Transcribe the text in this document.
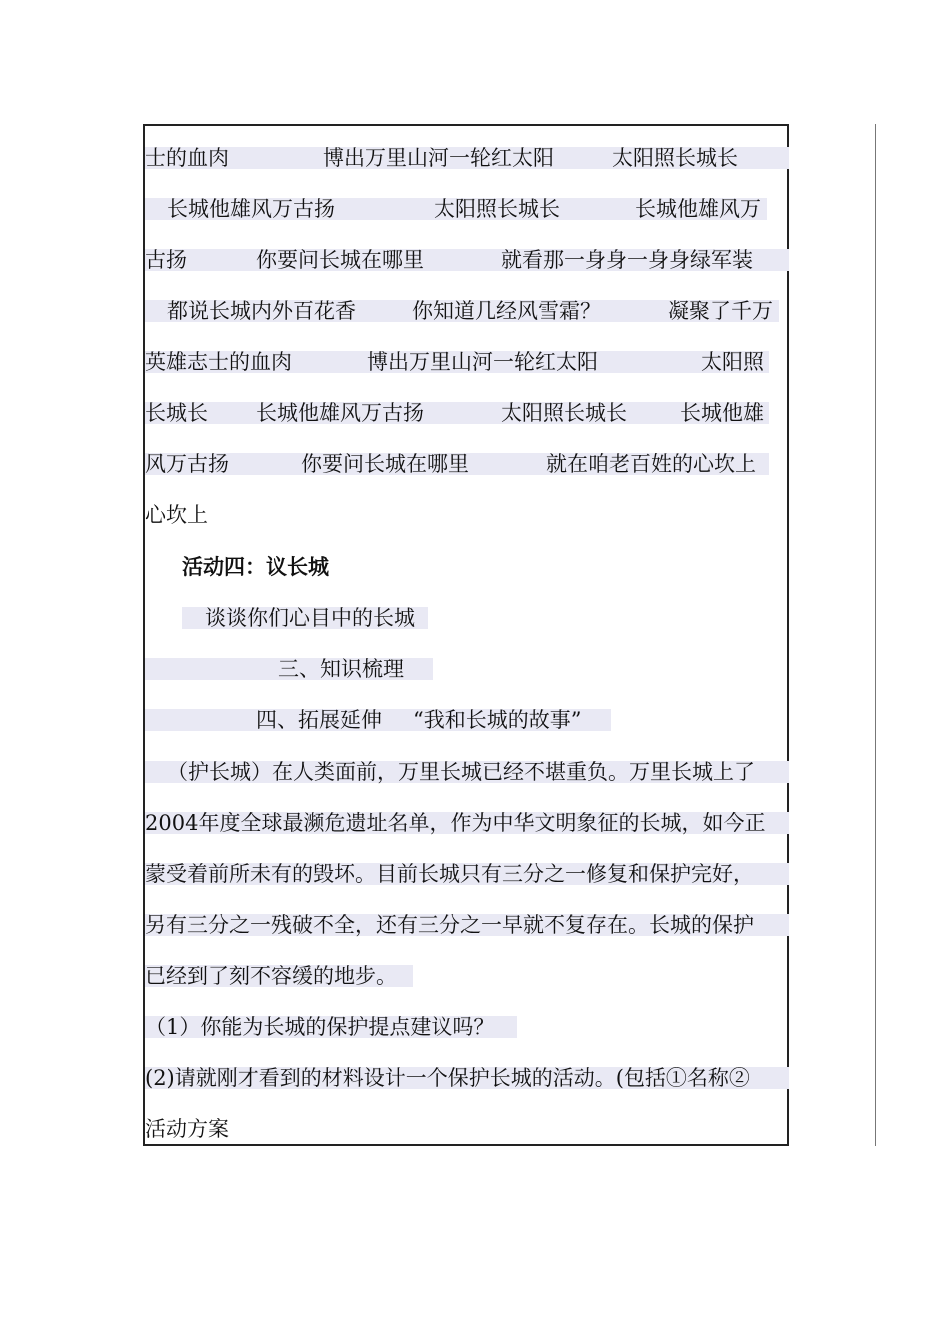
士的血肉	博出万里山河一轮红太阳	太阳照长城长
长城他雄风万古扬	太阳照长城长	长城他雄风万
古扬	你要问长城在哪里	就看那一身身一身身绿军装
都说长城内外百花香	你知道几经风雪霜？	凝聚了千万
英雄志士的血肉	博出万里山河一轮红太阳	太阳照
长城长 长城他雄风万古扬	太阳照长城长	长城他雄
风万古扬	你要问长城在哪里	就在咱老百姓的心坎上
心坎上
活动四：议长城
谈谈你们心目中的长城
三、知识梳理
四、拓展延伸 “我和长城的故事”
（护长城）在人类面前，万里长城已经不堪重负。万里长城上了
2004年度全球最濒危遗址名单，作为中华文明象征的长城，如今正
蒙受着前所未有的毁坏。目前长城只有三分之一修复和保护完好，
另有三分之一残破不全，还有三分之一早就不复存在。长城的保护
已经到了刻不容缓的地步。
（1）你能为长城的保护提点建议吗？
(2)请就刚才看到的材料设计一个保护长城的活动。(包括①名称②
活动方案
